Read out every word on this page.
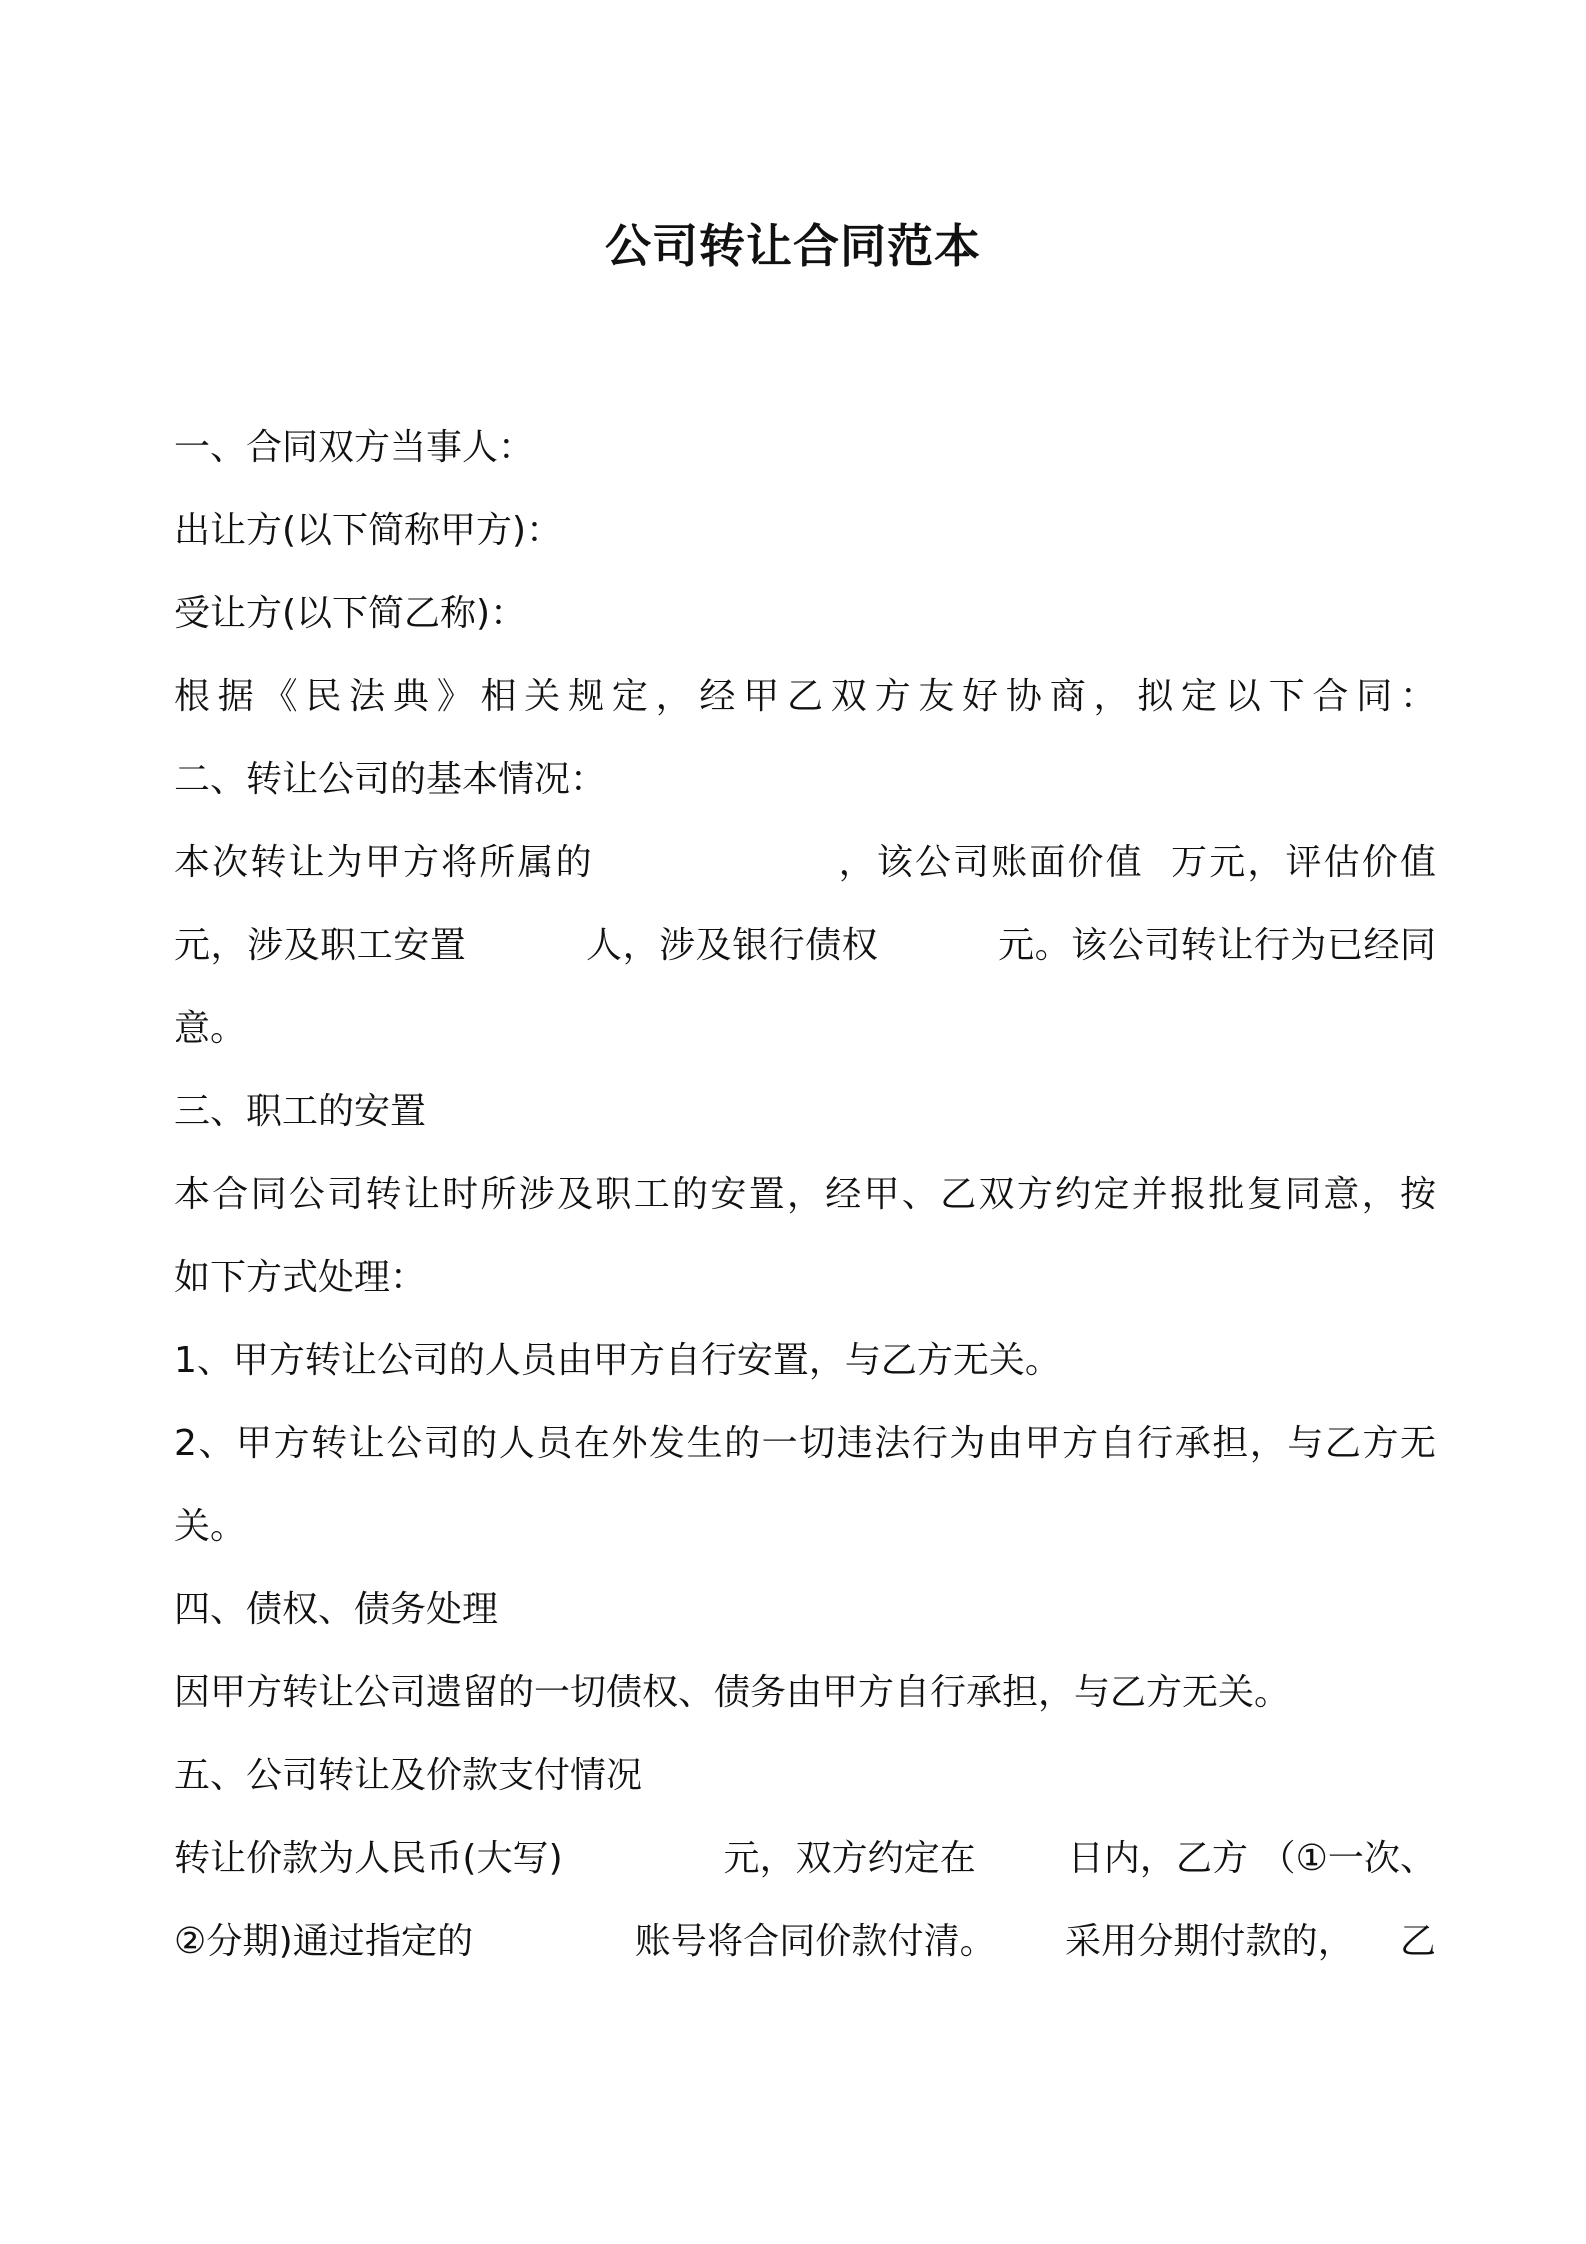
公司转让合同范本
一、合同双方当事人：
出让方(以下简称甲方)：
受让方(以下简乙称)：
根据《民法典》相关规定，经甲乙双方友好协商，拟定以下合同：
二、转让公司的基本情况：
本次转让为甲方将所属的                  ，该公司账面价值  万元，评估价值
元，涉及职工安置          人，涉及银行债权          元。该公司转让行为已经同
意。
三、职工的安置
本合同公司转让时所涉及职工的安置，经甲、乙双方约定并报批复同意，按
如下方式处理：
1、甲方转让公司的人员由甲方自行安置，与乙方无关。
2、甲方转让公司的人员在外发生的一切违法行为由甲方自行承担，与乙方无
关。
四、债权、债务处理
因甲方转让公司遗留的一切债权、债务由甲方自行承担，与乙方无关。
五、公司转让及价款支付情况
转让价款为人民币(大写)              元，双方约定在        日内，乙方 （①一次、
②分期)通过指定的              账号将合同价款付清。      采用分期付款的，    乙
